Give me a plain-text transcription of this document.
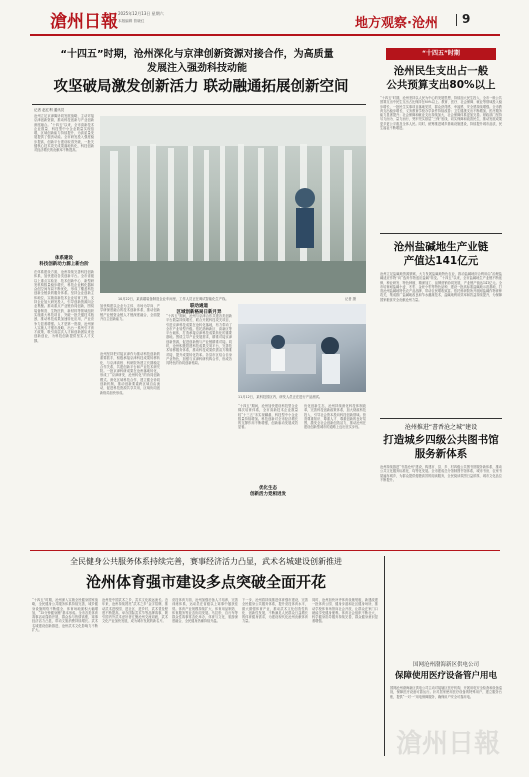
滄州日報 2025年12月13日 星期六
本版编辑 曾晓红	地方观察·沧州 9
“十四五”时期，沧州深化与京津创新资源对接合作，为高质量
发展注入强劲科技动能
攻坚破局激发创新活力 联动融通拓展创新空间
记者 赵红利 通讯员
沧州立足京津冀协同发展战略，主动对接京津创新资源，推动科技创新与产业创新深度融合。“十四五”以来，全市高新技术企业数量、科技型中小企业数量实现倍增，区域创新能力持续提升，为高质量发展提供了强劲动能。全市研发投入强度稳步提高，创新平台建设取得突破，一批关键核心技术攻关成果落地转化，科技创新对经济增长的贡献率不断提高。
体系建设
科技创新动力源上新台阶
在体系建设方面，沧州持续完善科技创新体系，加快建设各类创新平台。全市省级以上重点实验室、技术创新中心、新型研发机构数量稳步增长，科技企业孵化器和众创空间布局不断优化，形成了覆盖科技创新全链条的服务体系。坚持企业创新主体地位，实施高新技术企业培育工程，支持企业加大研发投入，引导创新资源向企业集聚。推动重点产业链协同创新，围绕装备制造、生物医药、新材料等领域组织实施重大科技项目，突破一批关键技术瓶颈，推动科技成果加速转化应用，产业竞争力显著增强。人才是第一资源，沧州深入实施人才强市战略，出台一系列引才育才政策，吸引高层次人才和创新团队来沧创新创业，为科技创新提供坚实人才支撑。
10月22日，某高端装备制造企业车间里，工作人员正在调试智能化生产线。	记者 摄
加快构建以企业为主体、市场为导向、产学研深度融合的技术创新体系，推动创新链产业链资金链人才链深度融合，全面提升自主创新能力。
联动通道
区域创新格局日新月异
沧州坚持把对接京津作为推动科技创新的重要抓手，积极承接京津科技成果转移转化，与京津高校、科研院所建立长期稳定合作关系，共建创新平台和产业技术研究院。一批京津科研成果在沧州落地转化，形成了“京津研发、沧州转化”的协同创新模式。深化区域科技合作，建立健全协同创新机制，推动创新要素跨区域自由流动，促进科技资源共享共用，区域协同创新格局加快形成。
“十四五”期间，沧州与京津合作共建各类创新平台数量持续增长，联合开展科技攻关项目，引进京津科技成果在沧转化落地，有力带动了全市产业转型升级。依托渤海新区、高新区等平台载体，打造承接京津科技成果转化的重要基地。围绕主导产业发展需求，精准对接京津创新资源，促进创新链与产业链精准对接。同时，沧州积极搭建科技成果交易平台，完善技术转移服务体系，推动科技成果供需双方精准对接，提升成果转化效率。各县市区结合自身产业特色，加强与京津科研机构合作，形成各具特色的协同创新格局。
11月12日，某科技园区内，研发人员正在进行产品测试。
“十四五”期间，沧州加快建设科技型企业梯次培育体系，全市高新技术企业数量较“十三五”末实现翻番，科技型中小企业数量持续增加。科技创新对全市经济增长的支撑作用不断增强，创新驱动发展成效显著。
优化生态
创新活力竞相迸发
优化创新生态，沧州持续深化科技体制改革，完善科技创新政策体系，加大财政科技投入，引导社会资本投向科技创新领域。营造尊重知识、尊重人才、尊重创新的良好氛围，激发全社会创新创造活力，推动沧州在建设创新型城市的道路上迈出坚实步伐。
“十四五”时期
沧州民生支出占一般
公共预算支出80%以上
“十四五”时期，沧州坚持以人民为中心的发展思想，持续加大民生投入，全市一般公共预算支出中民生支出占比保持在80%以上。教育、医疗、社会保障、就业等领域投入稳步增长，一批民生实事项目落地见效，群众获得感、幸福感、安全感持续增强。全市教育支出稳步增长，义务教育学校办学条件持续改善；卫生健康支出不断增加，医疗服务能力显著提升；社会保障和就业支出持续加大，社会保障体系更加完善。财政部门坚持尽力而为、量力而行，兜牢兜实基层“三保”底线，切实保障和改善民生，推动发展成果更多更公平惠及全体人民。同时，统筹推进城乡基础设施建设，持续提升城市品质，民生福祉不断增进。
沧州盐碱地生产业链
产值达141亿元
沧州立足盐碱地资源禀赋，大力发展盐碱地特色农业，推动盐碱地综合利用由“治理盐碱适应作物”向“选育作物适应盐碱”转变。“十四五”以来，全市盐碱地生产业链不断延伸，种业研发、特色种植、精深加工、品牌营销协同发展，产业链产值达141亿元。全市培育耐盐碱小麦、冬枣、金丝小枣等特色品种，建设一批高标准盐碱地示范基地，打造沧州盐碱地特色农产品品牌，带动农民增收致富。依托科研院所开展耐盐碱作物育种攻关，集成推广盐碱地改良和节水灌溉技术，盐碱地利用效率和效益持续提升，为保障国家粮食安全贡献沧州力量。
沧州推进“書香沧之城”建设
打造城乡四级公共图书馆
服务新体系
沧州持续推进“书香沧州”建设，构建市、县、乡、村四级公共图书馆服务新体系，推动公共文化服务标准化、均等化发展。全市建成总分馆制图书馆体系，城市书房、农家书屋遍布城乡，为群众提供便捷高效的阅读服务，全民阅读氛围日益浓厚，城市文化品位不断提升。
全民健身公共服务体系持续完善，赛事经济活力凸显，武术名城建设创新推进
沧州体育强市建设多点突破全面开花
“十四五”时期，沧州深入实施全民健身国家战略，全民健身公共服务体系持续完善，城乡健身设施网络不断健全，体育场地面积大幅增加，“15分钟健身圈”基本形成。全市各类体育赛事活动蓬勃开展，群众参与热情高涨，赛事经济活力凸显，带动文旅消费持续增长。武术名城建设创新推进，沧州武术文化影响力不断扩大。
沧州是中国武术之乡，武术文化源远流长。近年来，沧州持续擦亮“武术之乡”金字招牌，推动武术进校园、进社区、进乡村，武术普及程度不断提高。举办国际武术节等品牌赛事，吸引国内外武术爱好者汇聚沧州交流切磋，武术文化产业加快发展，成为城市发展的新名片。
竞技体育方面，沧州加强后备人才培养，完善训练体系，运动员在省级以上赛事中屡获佳绩。体育产业规模持续扩大，体育用品制造、体育服务等业态协同发展。马拉松、自行车等群众性赛事常态化举办，体育与文化、旅游深度融合，全民健身热潮持续升温。
下一步，沧州将持续推进体育强市建设，完善全民健身公共服务体系，提升竞技体育水平，做大做强体育产业，推动武术文化创造性转化、创新性发展，不断满足人民群众日益增长的体育健身需求，为建设现代化沧州贡献体育力量。
同时，沧州加快补齐体育设施短板，新建改建一批体育公园、健身步道和社区健身场所，推动学校体育场馆向社会开放，让群众在家门口就能享受健身便利。体育社会组织不断壮大，科学健身指导服务持续完善，群众健身意识显著增强。
国网沧州渤海新区供电公司
保障使用医疗设备管户用电
国网沧州渤海新区供电公司主动对接辖区医疗机构，开展用电安全检查和设备巡视，保障医疗设备可靠运行。针对居家使用医疗设备的特殊用户，建立服务台账，提供“一对一”用电保障服务，确保用户安全可靠用电。
滄州日報
